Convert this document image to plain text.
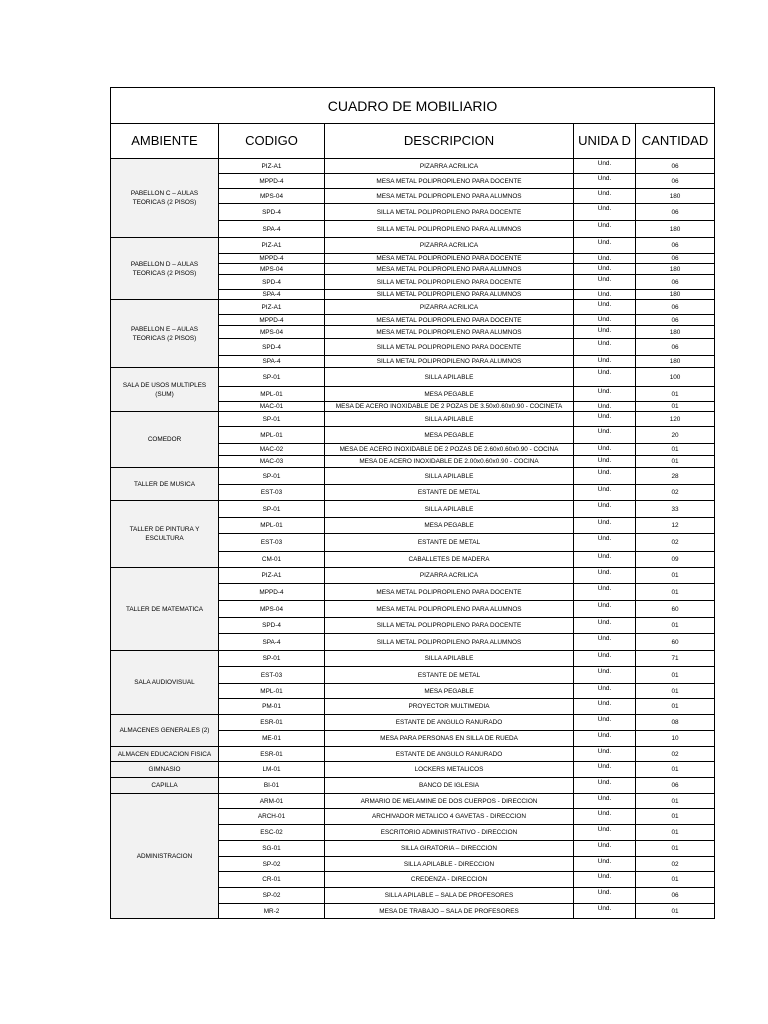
CUADRO DE MOBILIARIO				
AMBIENTE	CODIGO	DESCRIPCION	UNIDA D	CANTIDAD
PABELLON C – AULAS TEORICAS (2 PISOS)	PIZ-A1	PIZARRA ACRILICA	Und.	06
	MPPD-4	MESA METAL POLIPROPILENO PARA DOCENTE	Und.	06
	MPS-04	MESA METAL POLIPROPILENO PARA ALUMNOS	Und.	180
	SPD-4	SILLA METAL POLIPROPILENO PARA DOCENTE	Und.	06
	SPA-4	SILLA METAL POLIPROPILENO PARA ALUMNOS	Und.	180
PABELLON D – AULAS TEORICAS (2 PISOS)	PIZ-A1	PIZARRA ACRILICA	Und.	06
	MPPD-4	MESA METAL POLIPROPILENO PARA DOCENTE	Und.	06
	MPS-04	MESA METAL POLIPROPILENO PARA ALUMNOS	Und.	180
	SPD-4	SILLA METAL POLIPROPILENO PARA DOCENTE	Und.	06
	SPA-4	SILLA METAL POLIPROPILENO PARA ALUMNOS	Und.	180
PABELLON E – AULAS TEORICAS (2 PISOS)	PIZ-A1	PIZARRA ACRILICA	Und.	06
	MPPD-4	MESA METAL POLIPROPILENO PARA DOCENTE	Und.	06
	MPS-04	MESA METAL POLIPROPILENO PARA ALUMNOS	Und.	180
	SPD-4	SILLA METAL POLIPROPILENO PARA DOCENTE	Und.	06
	SPA-4	SILLA METAL POLIPROPILENO PARA ALUMNOS	Und.	180
SALA DE USOS MULTIPLES (SUM)	SP-01	SILLA APILABLE	Und.	100
	MPL-01	MESA PEGABLE	Und.	01
	MAC-01	MESA DE ACERO INOXIDABLE DE 2 POZAS DE 3.50x0.60x0.90 - COCINETA	Und.	01
COMEDOR	SP-01	SILLA APILABLE	Und.	120
	MPL-01	MESA PEGABLE	Und.	20
	MAC-02	MESA DE ACERO INOXIDABLE DE 2 POZAS DE 2.60x0.60x0.90 - COCINA	Und.	01
	MAC-03	MESA DE ACERO INOXIDABLE DE 2.00x0.60x0.90 - COCINA	Und.	01
TALLER DE MUSICA	SP-01	SILLA APILABLE	Und.	28
	EST-03	ESTANTE DE METAL	Und.	02
TALLER DE PINTURA Y ESCULTURA	SP-01	SILLA APILABLE	Und.	33
	MPL-01	MESA PEGABLE	Und.	12
	EST-03	ESTANTE DE METAL	Und.	02
	CM-01	CABALLETES DE MADERA	Und.	09
TALLER DE MATEMATICA	PIZ-A1	PIZARRA ACRILICA	Und.	01
	MPPD-4	MESA METAL POLIPROPILENO PARA DOCENTE	Und.	01
	MPS-04	MESA METAL POLIPROPILENO PARA ALUMNOS	Und.	60
	SPD-4	SILLA METAL POLIPROPILENO PARA DOCENTE	Und.	01
	SPA-4	SILLA METAL POLIPROPILENO PARA ALUMNOS	Und.	60
SALA AUDIOVISUAL	SP-01	SILLA APILABLE	Und.	71
	EST-03	ESTANTE DE METAL	Und.	01
	MPL-01	MESA PEGABLE	Und.	01
	PM-01	PROYECTOR MULTIMEDIA	Und.	01
ALMACENES GENERALES (2)	ESR-01	ESTANTE DE ANGULO RANURADO	Und.	08
	ME-01	MESA PARA PERSONAS EN SILLA DE RUEDA	Und.	10
ALMACEN EDUCACION FISICA	ESR-01	ESTANTE DE ANGULO RANURADO	Und.	02
GIMNASIO	LM-01	LOCKERS METALICOS	Und.	01
CAPILLA	BI-01	BANCO DE IGLESIA	Und.	06
ADMINISTRACION	ARM-01	ARMARIO DE MELAMINE DE DOS CUERPOS - DIRECCION	Und.	01
	ARCH-01	ARCHIVADOR METALICO 4 GAVETAS - DIRECCION	Und.	01
	ESC-02	ESCRITORIO ADMINISTRATIVO - DIRECCION	Und.	01
	SG-01	SILLA GIRATORIA – DIRECCION	Und.	01
	SP-02	SILLA APILABLE - DIRECCION	Und.	02
	CR-01	CREDENZA - DIRECCION	Und.	01
	SP-02	SILLA APILABLE – SALA DE PROFESORES	Und.	06
	MR-2	MESA DE TRABAJO – SALA DE PROFESORES	Und.	01
